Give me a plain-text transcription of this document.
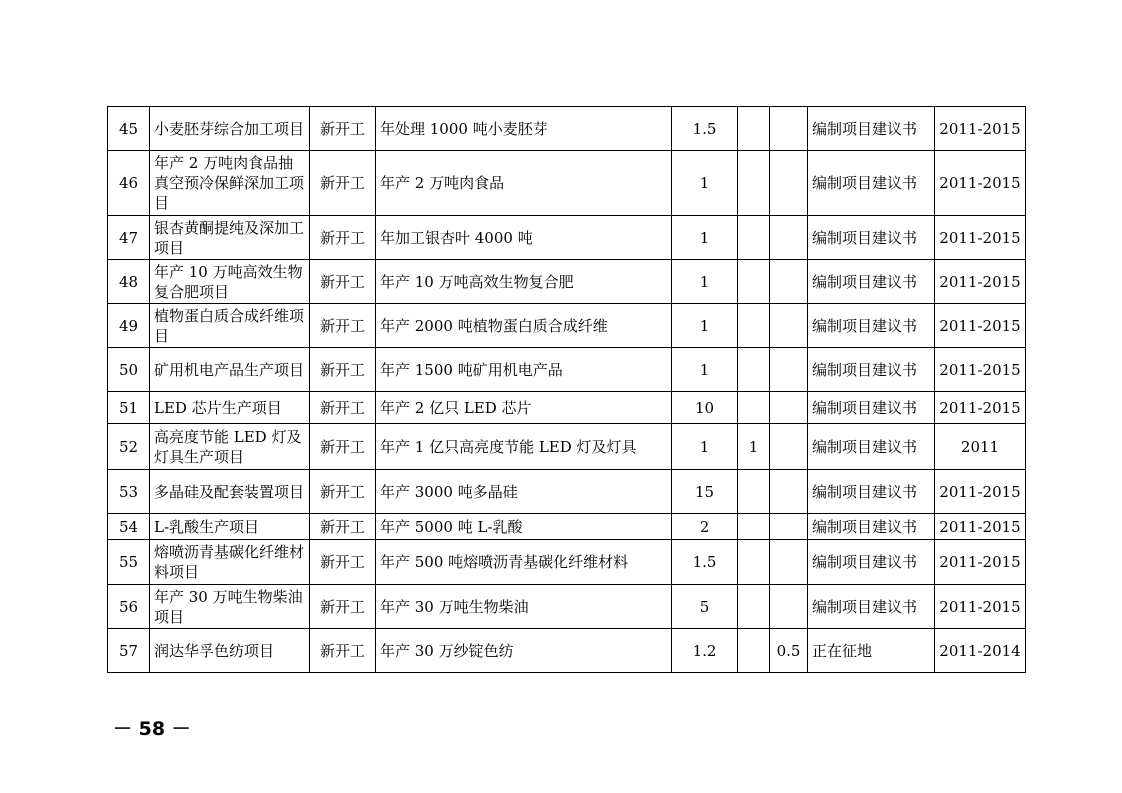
45	小麦胚芽综合加工项目	新开工	年处理 1000 吨小麦胚芽	1.5			编制项目建议书	2011-2015
46	年产 2 万吨肉食品抽真空预冷保鲜深加工项目	新开工	年产 2 万吨肉食品	1			编制项目建议书	2011-2015
47	银杏黄酮提纯及深加工项目	新开工	年加工银杏叶 4000 吨	1			编制项目建议书	2011-2015
48	年产 10 万吨高效生物复合肥项目	新开工	年产 10 万吨高效生物复合肥	1			编制项目建议书	2011-2015
49	植物蛋白质合成纤维项目	新开工	年产 2000 吨植物蛋白质合成纤维	1			编制项目建议书	2011-2015
50	矿用机电产品生产项目	新开工	年产 1500 吨矿用机电产品	1			编制项目建议书	2011-2015
51	LED 芯片生产项目	新开工	年产 2 亿只 LED 芯片	10			编制项目建议书	2011-2015
52	高亮度节能 LED 灯及灯具生产项目	新开工	年产 1 亿只高亮度节能 LED 灯及灯具	1	1		编制项目建议书	2011
53	多晶硅及配套装置项目	新开工	年产 3000 吨多晶硅	15			编制项目建议书	2011-2015
54	L-乳酸生产项目	新开工	年产 5000 吨 L-乳酸	2			编制项目建议书	2011-2015
55	熔喷沥青基碳化纤维材料项目	新开工	年产 500 吨熔喷沥青基碳化纤维材料	1.5			编制项目建议书	2011-2015
56	年产 30 万吨生物柴油项目	新开工	年产 30 万吨生物柴油	5			编制项目建议书	2011-2015
57	润达华孚色纺项目	新开工	年产 30 万纱锭色纺	1.2		0.5	正在征地	2011-2014
－ 58 －
